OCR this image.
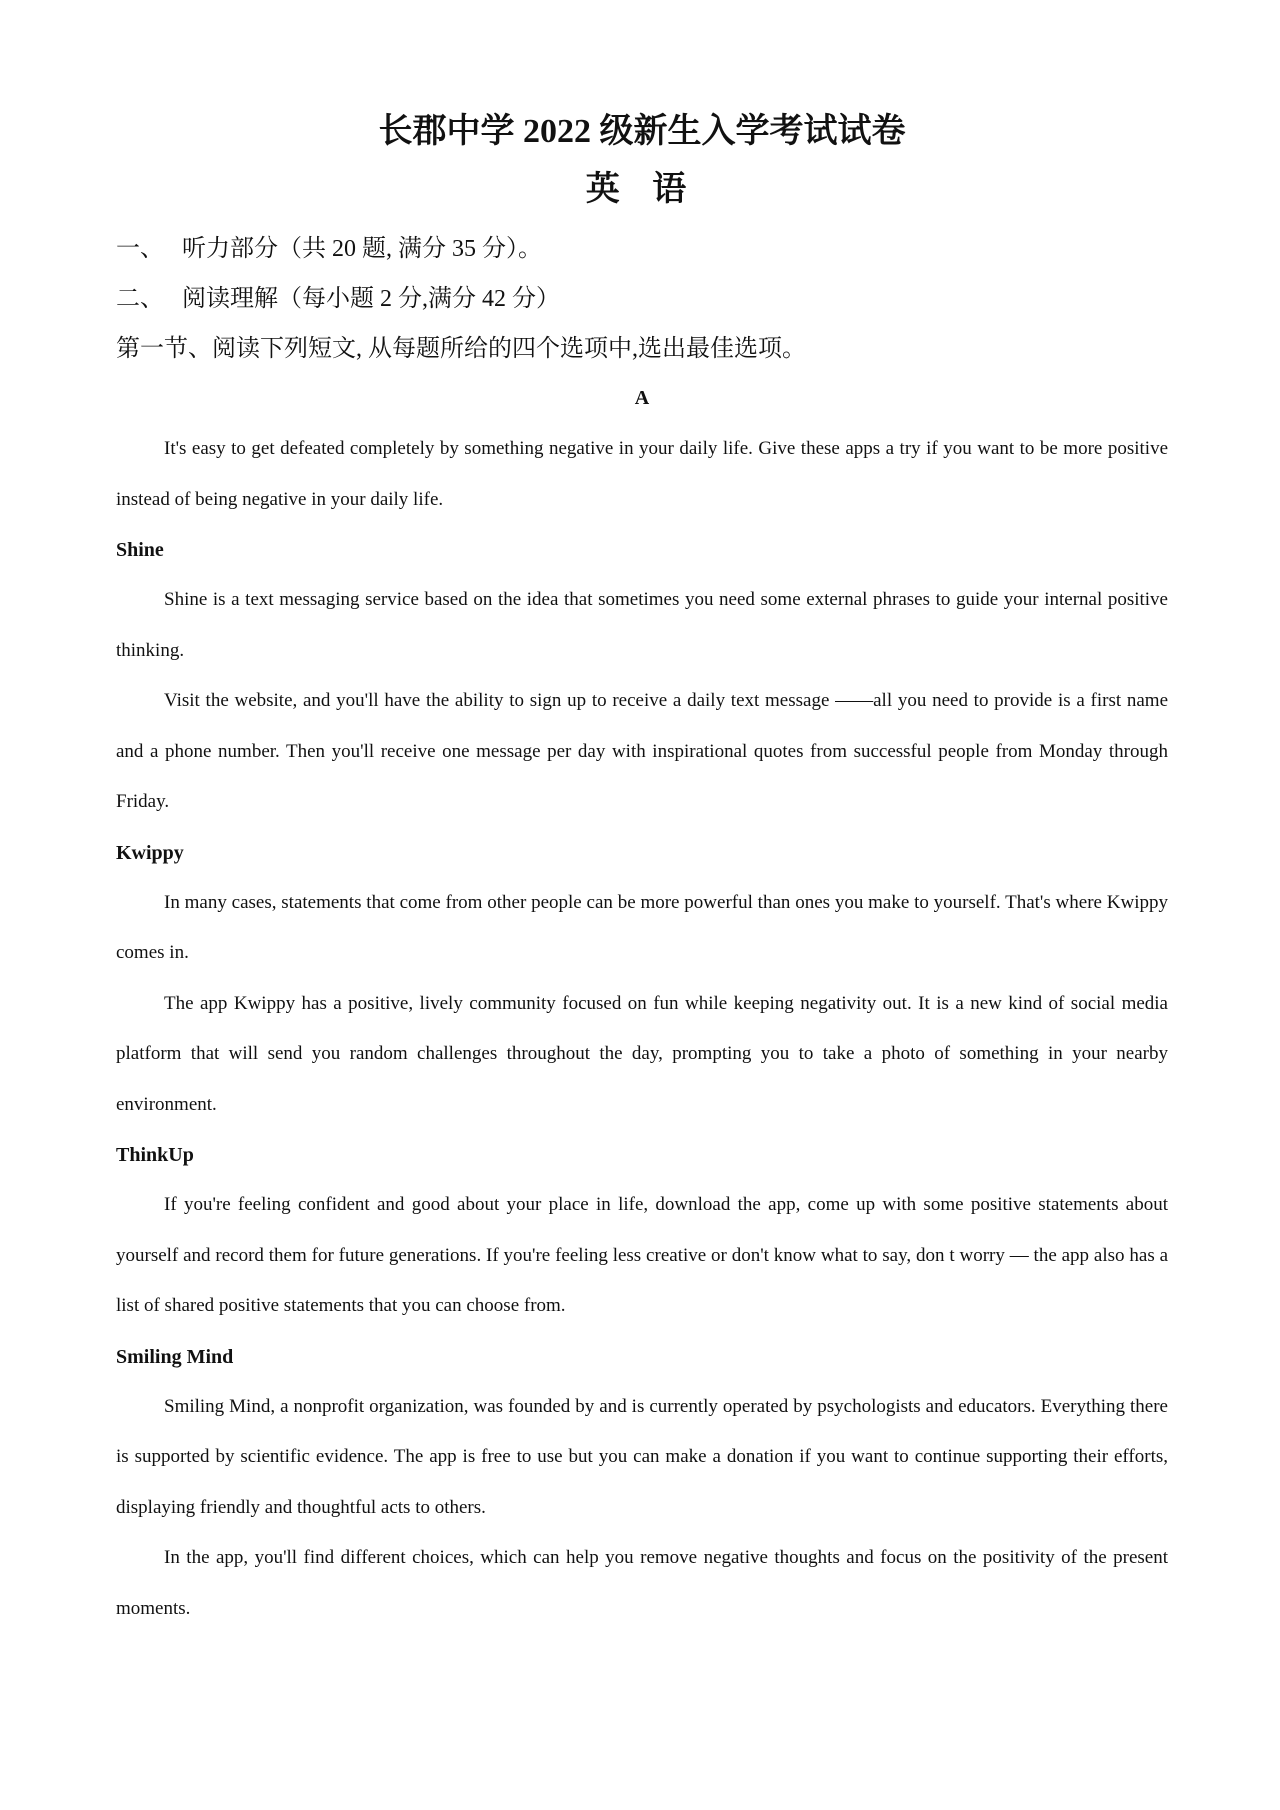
长郡中学 2022 级新生入学考试试卷
英 语

一、 听力部分（共 20 题, 满分 35 分）。

二、 阅读理解（每小题 2 分,满分 42 分）

第一节、阅读下列短文, 从每题所给的四个选项中,选出最佳选项。

A

It's easy to get defeated completely by something negative in your daily life. Give these apps a try if you want to be more positive instead of being negative in your daily life.

Shine

Shine is a text messaging service based on the idea that sometimes you need some external phrases to guide your internal positive thinking.

Visit the website, and you'll have the ability to sign up to receive a daily text message ——all you need to provide is a first name and a phone number. Then you'll receive one message per day with inspirational quotes from successful people from Monday through Friday.

Kwippy

In many cases, statements that come from other people can be more powerful than ones you make to yourself. That's where Kwippy comes in.

The app Kwippy has a positive, lively community focused on fun while keeping negativity out. It is a new kind of social media platform that will send you random challenges throughout the day, prompting you to take a photo of something in your nearby environment.

ThinkUp

If you're feeling confident and good about your place in life, download the app, come up with some positive statements about yourself and record them for future generations. If you're feeling less creative or don't know what to say, don t worry — the app also has a list of shared positive statements that you can choose from.

Smiling Mind

Smiling Mind, a nonprofit organization, was founded by and is currently operated by psychologists and educators. Everything there is supported by scientific evidence. The app is free to use but you can make a donation if you want to continue supporting their efforts, displaying friendly and thoughtful acts to others.

In the app, you'll find different choices, which can help you remove negative thoughts and focus on the positivity of the present moments.
